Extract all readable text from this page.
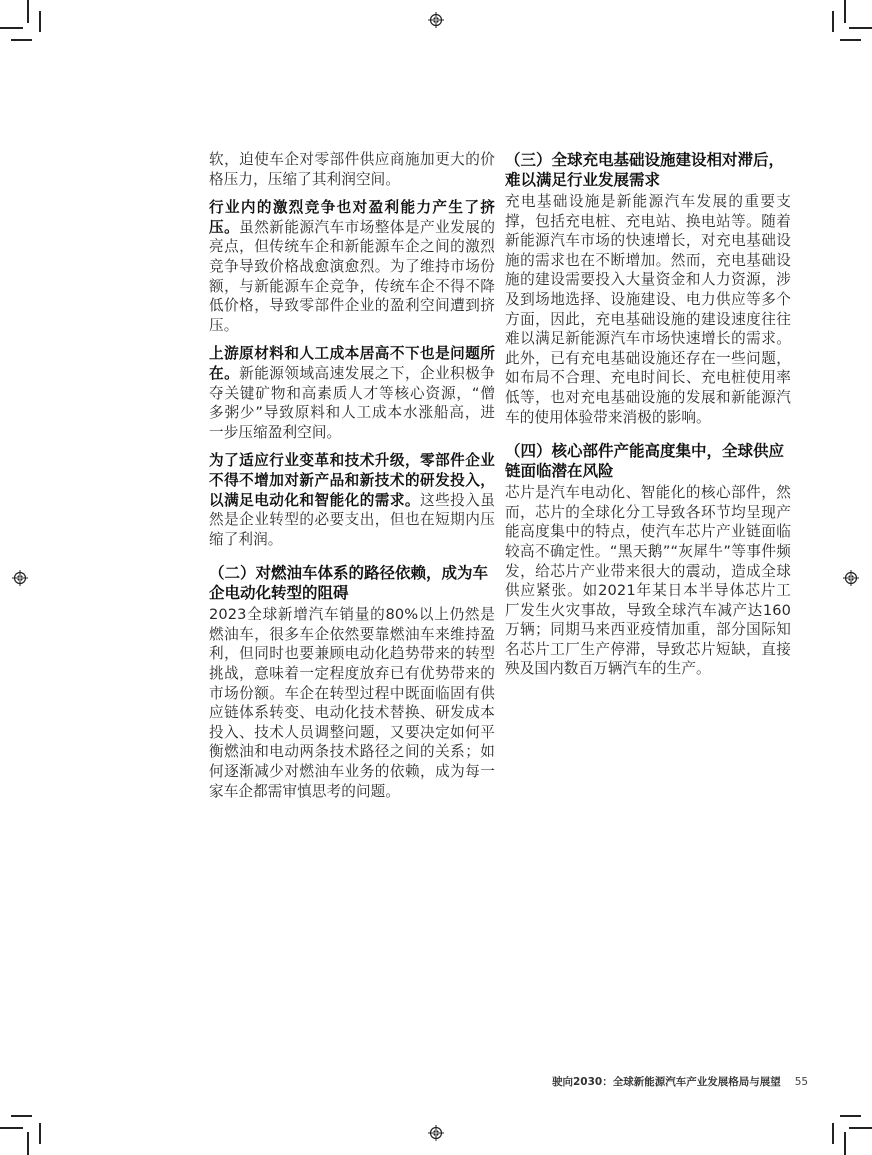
软，迫使车企对零部件供应商施加更大的价格压力，压缩了其利润空间。

行业内的激烈竞争也对盈利能力产生了挤压。虽然新能源汽车市场整体是产业发展的亮点，但传统车企和新能源车企之间的激烈竞争导致价格战愈演愈烈。为了维持市场份额，与新能源车企竞争，传统车企不得不降低价格，导致零部件企业的盈利空间遭到挤压。

上游原材料和人工成本居高不下也是问题所在。新能源领域高速发展之下，企业积极争夺关键矿物和高素质人才等核心资源，“僧多粥少”导致原料和人工成本水涨船高，进一步压缩盈利空间。

为了适应行业变革和技术升级，零部件企业不得不增加对新产品和新技术的研发投入，以满足电动化和智能化的需求。这些投入虽然是企业转型的必要支出，但也在短期内压缩了利润。

（二）对燃油车体系的路径依赖，成为车企电动化转型的阻碍

2023全球新增汽车销量的80%以上仍然是燃油车，很多车企依然要靠燃油车来维持盈利，但同时也要兼顾电动化趋势带来的转型挑战，意味着一定程度放弃已有优势带来的市场份额。车企在转型过程中既面临固有供应链体系转变、电动化技术替换、研发成本投入、技术人员调整问题，又要决定如何平衡燃油和电动两条技术路径之间的关系；如何逐渐减少对燃油车业务的依赖，成为每一家车企都需审慎思考的问题。

（三）全球充电基础设施建设相对滞后，难以满足行业发展需求

充电基础设施是新能源汽车发展的重要支撑，包括充电桩、充电站、换电站等。随着新能源汽车市场的快速增长，对充电基础设施的需求也在不断增加。然而，充电基础设施的建设需要投入大量资金和人力资源，涉及到场地选择、设施建设、电力供应等多个方面，因此，充电基础设施的建设速度往往难以满足新能源汽车市场快速增长的需求。此外，已有充电基础设施还存在一些问题，如布局不合理、充电时间长、充电桩使用率低等，也对充电基础设施的发展和新能源汽车的使用体验带来消极的影响。

（四）核心部件产能高度集中，全球供应链面临潜在风险

芯片是汽车电动化、智能化的核心部件，然而，芯片的全球化分工导致各环节均呈现产能高度集中的特点，使汽车芯片产业链面临较高不确定性。“黑天鹅”“灰犀牛”等事件频发，给芯片产业带来很大的震动，造成全球供应紧张。如2021年某日本半导体芯片工厂发生火灾事故，导致全球汽车减产达160万辆；同期马来西亚疫情加重，部分国际知名芯片工厂生产停滞，导致芯片短缺，直接殃及国内数百万辆汽车的生产。

驶向2030：全球新能源汽车产业发展格局与展望 55
